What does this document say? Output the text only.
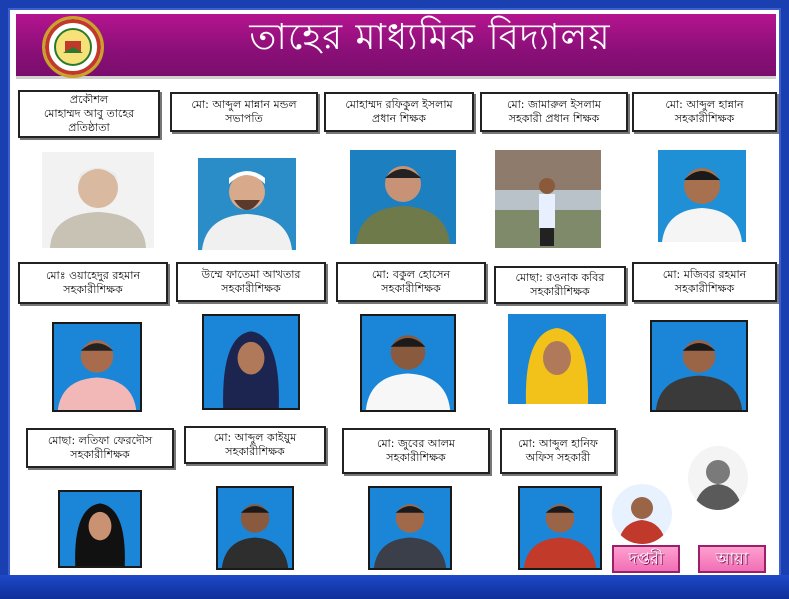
তাহের মাধ্যমিক বিদ্যালয়
প্রকৌশল
মোহাম্মদ আবু তাহের
প্রতিষ্ঠাতা
মো: আব্দুল মান্নান মন্ডল
সভাপতি
মোহাম্মদ রফিকুল ইসলাম
প্রধান শিক্ষক
মো: জামারুল ইসলাম
সহকারী প্রধান শিক্ষক
মো: আব্দুল হান্নান
সহকারীশিক্ষক
মোঃ ওয়াহেদুর রহমান
সহকারীশিক্ষক
উম্মে ফাতেমা আখতার
সহকারীশিক্ষক
মো: বকুল হোসেন
সহকারীশিক্ষক
মোছা: রওনাক কবির
সহকারীশিক্ষক
মো: মজিবর রহমান
সহকারীশিক্ষক
মোছা: লতিফা ফেরদৌস
সহকারীশিক্ষক
মো: আব্দুল কাইয়ুম
সহকারীশিক্ষক
মো: জুবের আলম
সহকারীশিক্ষক
মো: আব্দুল হানিফ
অফিস সহকারী
দপ্তরী	আয়া
